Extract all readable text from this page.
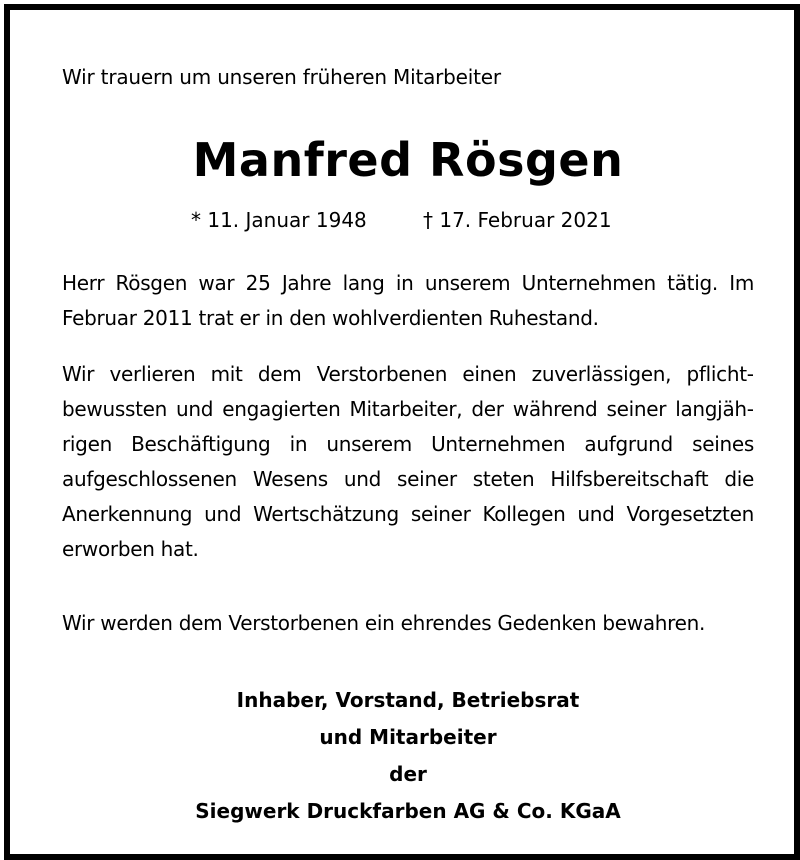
Wir trauern um unseren früheren Mitarbeiter
Manfred Rösgen
* 11. Januar 1948	† 17. Februar 2021

Herr Rösgen war 25 Jahre lang in unserem Unternehmen tätig. Im Februar 2011 trat er in den wohlverdienten Ruhestand.

Wir verlieren mit dem Verstorbenen einen zuverlässigen, pflichtbewussten und engagierten Mitarbeiter, der während seiner langjährigen Beschäftigung in unserem Unternehmen aufgrund seines aufgeschlossenen Wesens und seiner steten Hilfsbereitschaft die Anerkennung und Wertschätzung seiner Kollegen und Vorgesetzten erworben hat.

Wir werden dem Verstorbenen ein ehrendes Gedenken bewahren.

Inhaber, Vorstand, Betriebsrat
und Mitarbeiter
der
Siegwerk Druckfarben AG & Co. KGaA
